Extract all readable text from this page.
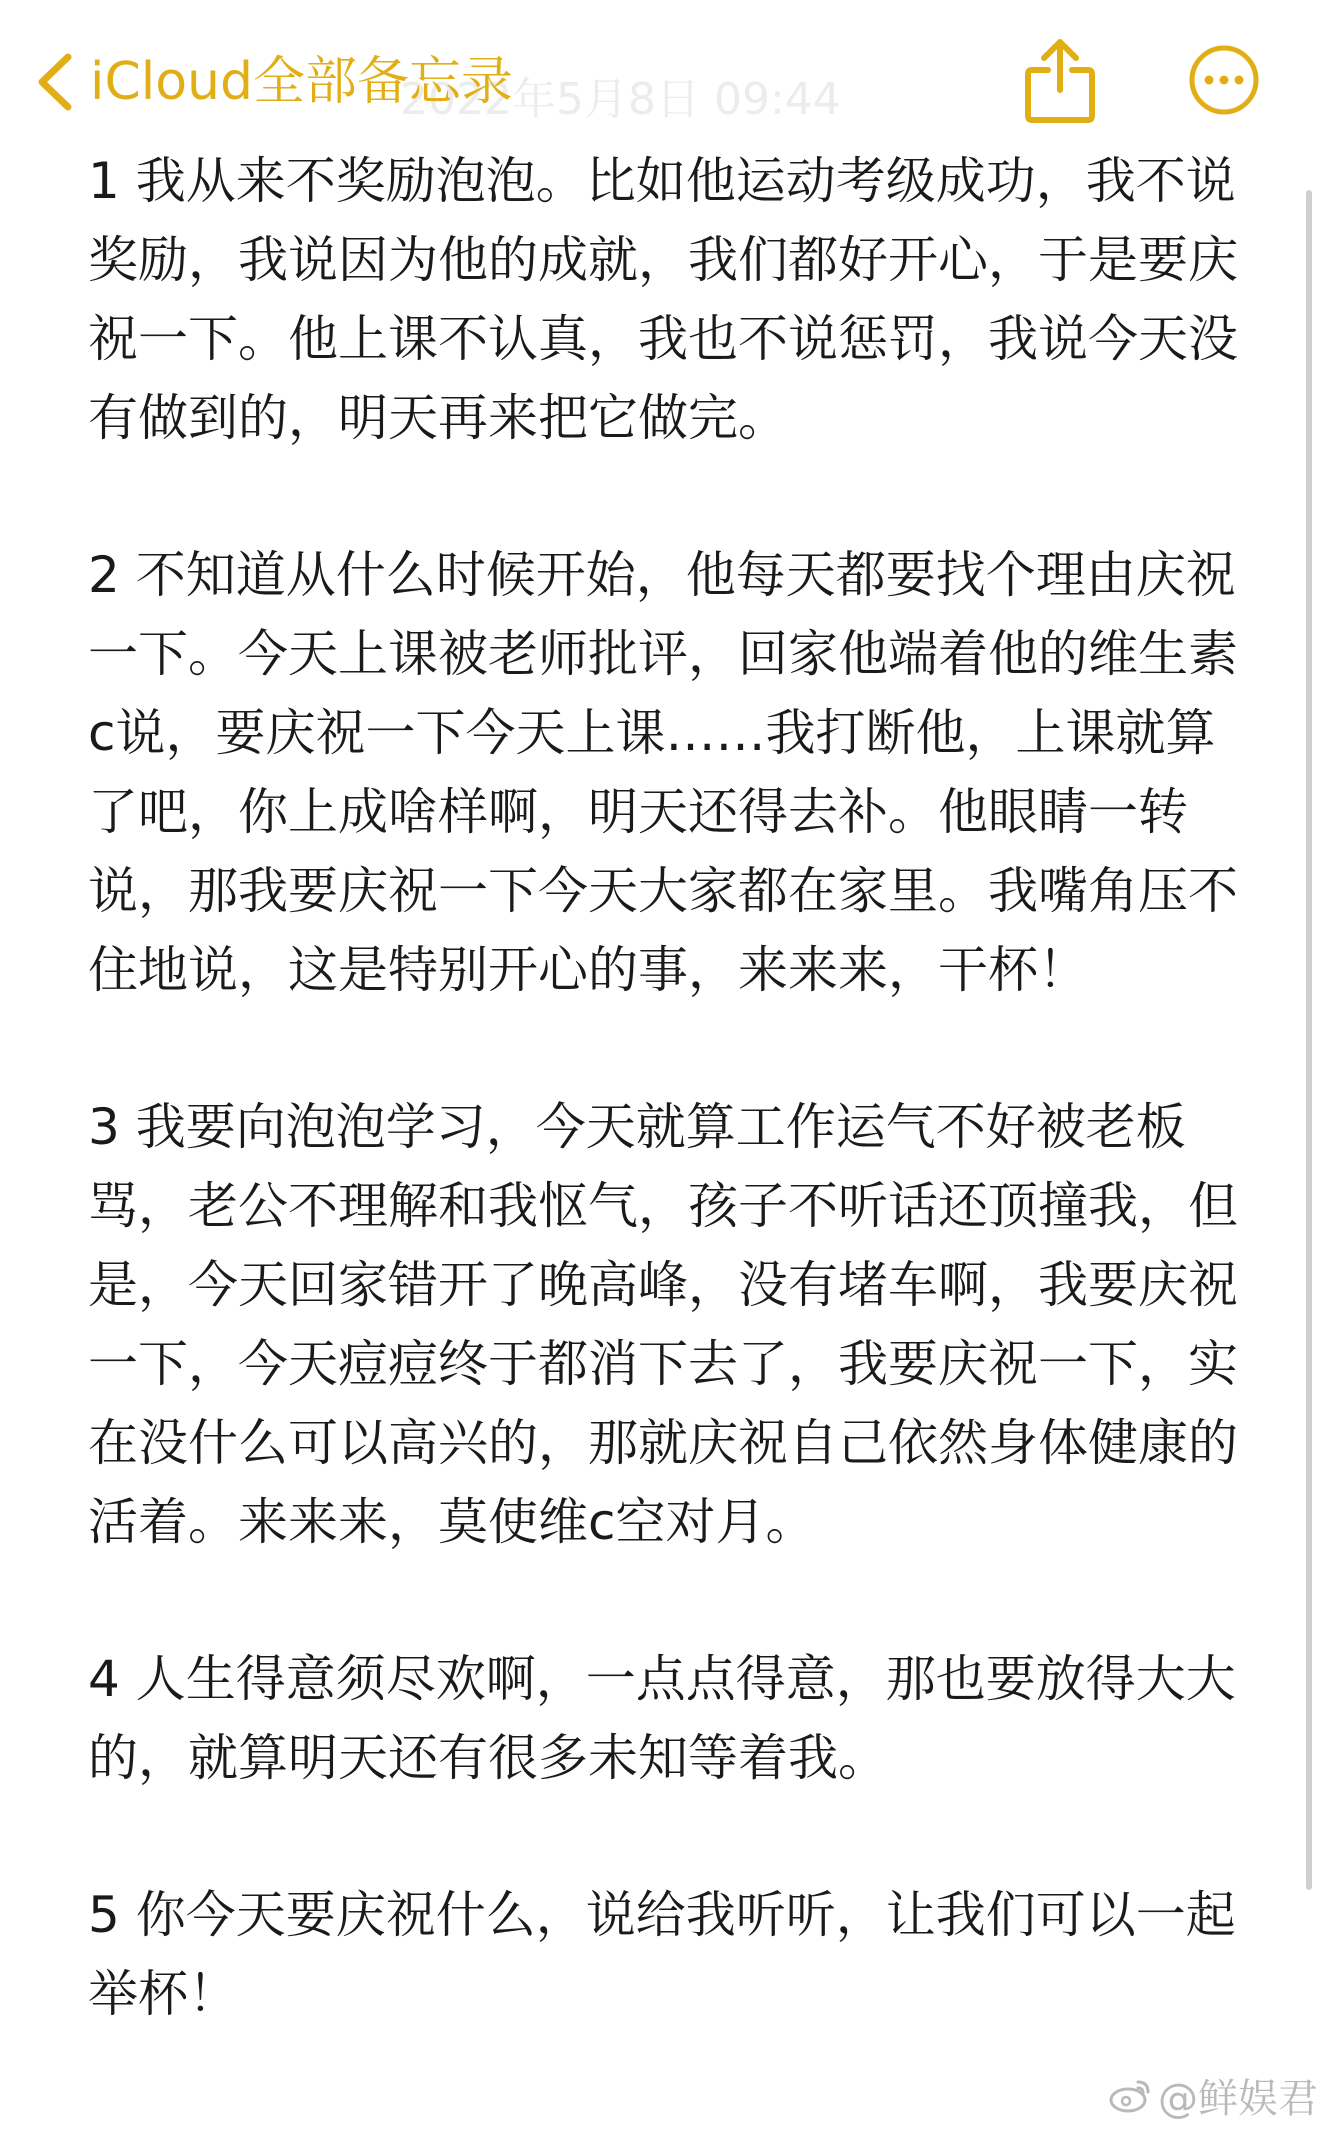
2022年5月8日 09:44
iCloud全部备忘录

1 我从来不奖励泡泡。比如他运动考级成功，我不说奖励，我说因为他的成就，我们都好开心，于是要庆祝一下。他上课不认真，我也不说惩罚，我说今天没有做到的，明天再来把它做完。

2 不知道从什么时候开始，他每天都要找个理由庆祝一下。今天上课被老师批评，回家他端着他的维生素c说，要庆祝一下今天上课……我打断他，上课就算了吧，你上成啥样啊，明天还得去补。他眼睛一转说，那我要庆祝一下今天大家都在家里。我嘴角压不住地说，这是特别开心的事，来来来，干杯！

3 我要向泡泡学习，今天就算工作运气不好被老板骂，老公不理解和我怄气，孩子不听话还顶撞我，但是，今天回家错开了晚高峰，没有堵车啊，我要庆祝一下，今天痘痘终于都消下去了，我要庆祝一下，实在没什么可以高兴的，那就庆祝自己依然身体健康的活着。来来来，莫使维c空对月。

4 人生得意须尽欢啊，一点点得意，那也要放得大大的，就算明天还有很多未知等着我。

5 你今天要庆祝什么，说给我听听，让我们可以一起举杯！

@鲜娱君
